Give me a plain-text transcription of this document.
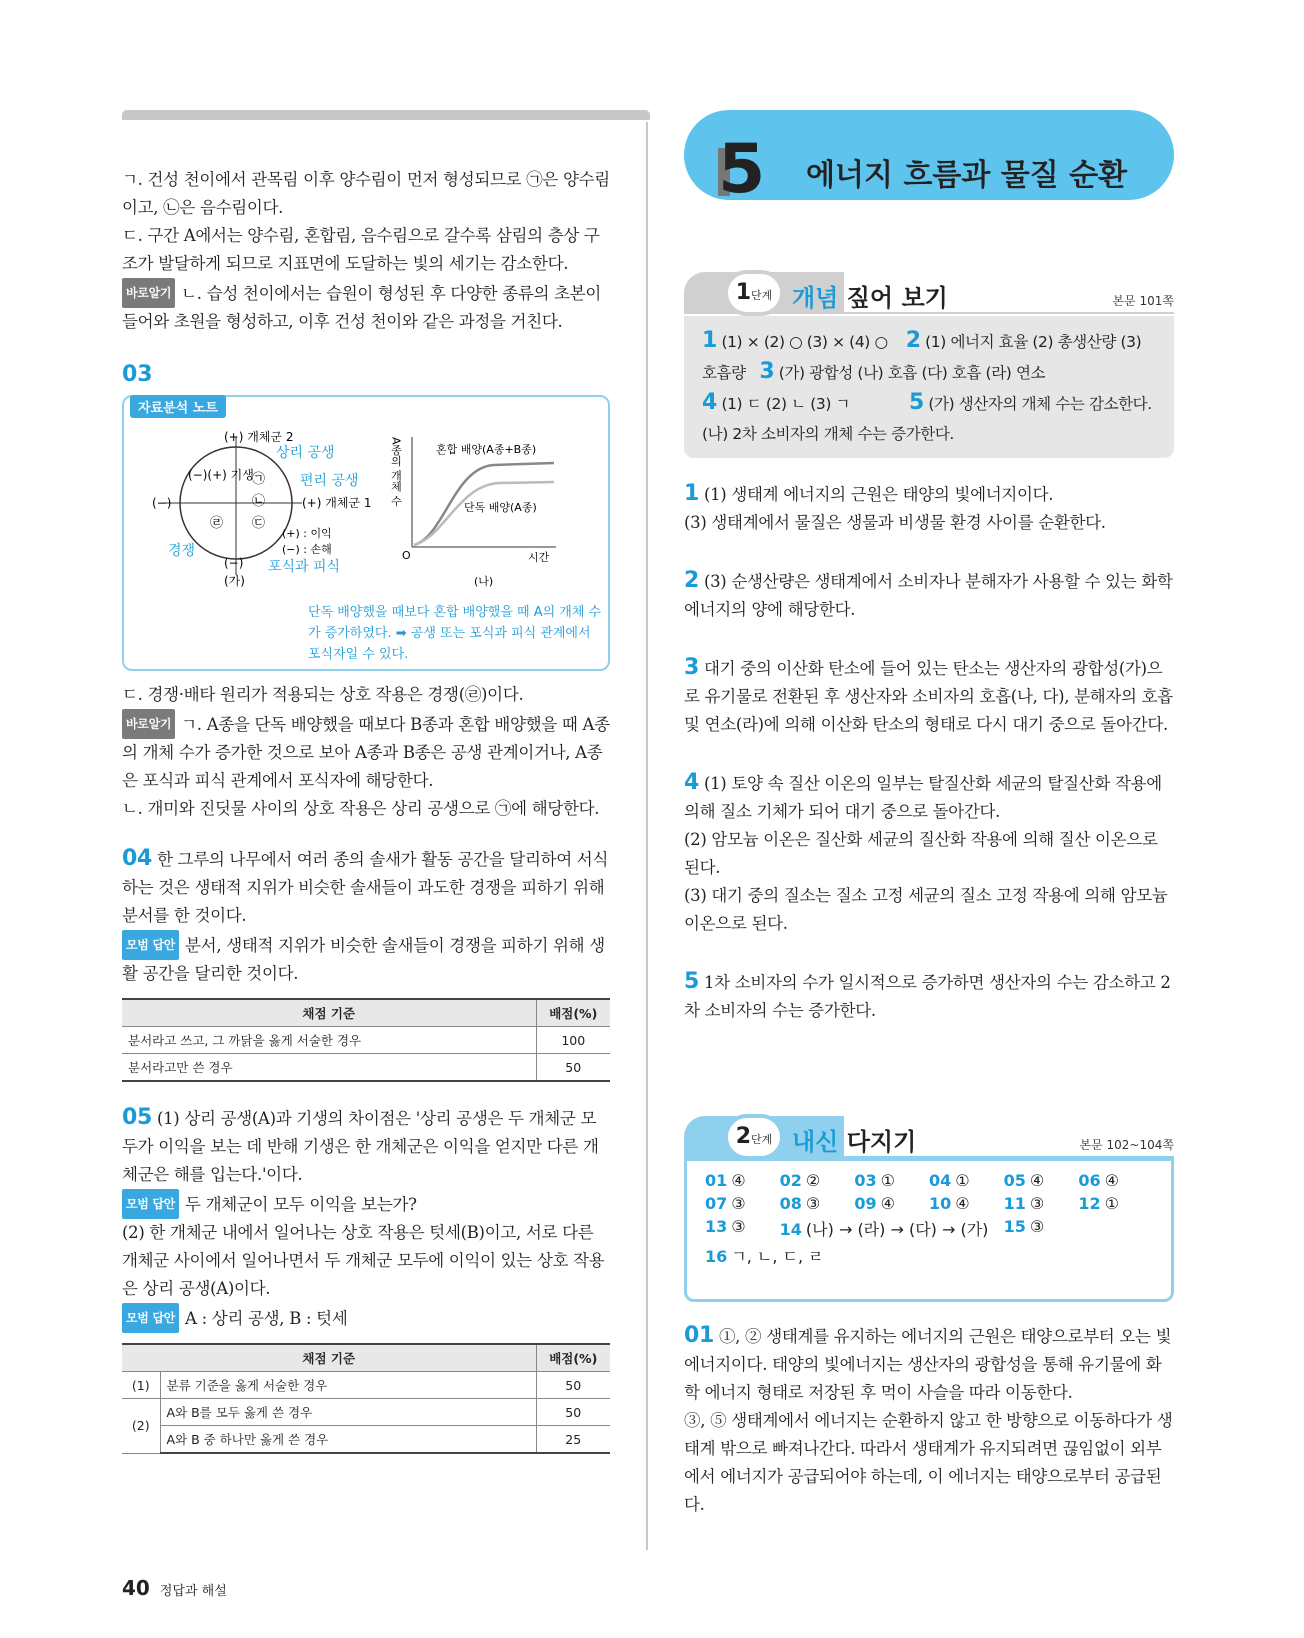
ㄱ. 건성 천이에서 관목림 이후 양수림이 먼저 형성되므로 ㉠은 양수림이고, ㉡은 음수림이다.

ㄷ. 구간 A에서는 양수림, 혼합림, 음수림으로 갈수록 삼림의 층상 구조가 발달하게 되므로 지표면에 도달하는 빛의 세기는 감소한다.

바로알기 ㄴ. 습성 천이에서는 습원이 형성된 후 다양한 종류의 초본이 들어와 초원을 형성하고, 이후 건성 천이와 같은 과정을 거친다.

03
자료분석 노트
(+) 개체군 2
상리 공생
(−)(+) 기생	편리 공생
(−)	(+) 개체군 1
(+) : 이익
(−) : 손해
경쟁
(−) 포식과 피식
(가)
㉠
㉡
㉢
㉣
A종의 개체 수	혼합 배양(A종+B종)
단독 배양(A종)
O	시간
(나)
단독 배양했을 때보다 혼합 배양했을 때 A의 개체 수가 증가하였다. ➡ 공생 또는 포식과 피식 관계에서 포식자일 수 있다.

ㄷ. 경쟁·배타 원리가 적용되는 상호 작용은 경쟁(㉣)이다.

바로알기 ㄱ. A종을 단독 배양했을 때보다 B종과 혼합 배양했을 때 A종의 개체 수가 증가한 것으로 보아 A종과 B종은 공생 관계이거나, A종은 포식과 피식 관계에서 포식자에 해당한다.

ㄴ. 개미와 진딧물 사이의 상호 작용은 상리 공생으로 ㉠에 해당한다.

04 한 그루의 나무에서 여러 종의 솔새가 활동 공간을 달리하여 서식하는 것은 생태적 지위가 비슷한 솔새들이 과도한 경쟁을 피하기 위해 분서를 한 것이다.

모범 답안 분서, 생태적 지위가 비슷한 솔새들이 경쟁을 피하기 위해 생활 공간을 달리한 것이다.

채점 기준	배점(%)
분서라고 쓰고, 그 까닭을 옳게 서술한 경우	100
분서라고만 쓴 경우	50

05 (1) 상리 공생(A)과 기생의 차이점은 '상리 공생은 두 개체군 모두가 이익을 보는 데 반해 기생은 한 개체군은 이익을 얻지만 다른 개체군은 해를 입는다.'이다.

모범 답안 두 개체군이 모두 이익을 보는가?

(2) 한 개체군 내에서 일어나는 상호 작용은 텃세(B)이고, 서로 다른 개체군 사이에서 일어나면서 두 개체군 모두에 이익이 있는 상호 작용은 상리 공생(A)이다.

모범 답안 A : 상리 공생, B : 텃세

채점 기준		배점(%)
(1)	분류 기준을 옳게 서술한 경우	50
(2)	A와 B를 모두 옳게 쓴 경우	50
	A와 B 중 하나만 옳게 쓴 경우	25
5 에너지 흐름과 물질 순환
1단계 개념 짚어 보기	본문 101쪽
1 (1) × (2) ○ (3) × (4) ○ 2 (1) 에너지 효율 (2) 총생산량 (3) 호흡량 3 (가) 광합성 (나) 호흡 (다) 호흡 (라) 연소
4 (1) ㄷ (2) ㄴ (3) ㄱ	5 (가) 생산자의 개체 수는 감소한다. (나) 2차 소비자의 개체 수는 증가한다.

1 (1) 생태계 에너지의 근원은 태양의 빛에너지이다.

(3) 생태계에서 물질은 생물과 비생물 환경 사이를 순환한다.

2 (3) 순생산량은 생태계에서 소비자나 분해자가 사용할 수 있는 화학 에너지의 양에 해당한다.

3 대기 중의 이산화 탄소에 들어 있는 탄소는 생산자의 광합성(가)으로 유기물로 전환된 후 생산자와 소비자의 호흡(나, 다), 분해자의 호흡 및 연소(라)에 의해 이산화 탄소의 형태로 다시 대기 중으로 돌아간다.

4 (1) 토양 속 질산 이온의 일부는 탈질산화 세균의 탈질산화 작용에 의해 질소 기체가 되어 대기 중으로 돌아간다.

(2) 암모늄 이온은 질산화 세균의 질산화 작용에 의해 질산 이온으로 된다.

(3) 대기 중의 질소는 질소 고정 세균의 질소 고정 작용에 의해 암모늄 이온으로 된다.

5 1차 소비자의 수가 일시적으로 증가하면 생산자의 수는 감소하고 2차 소비자의 수는 증가한다.

2단계 내신 다지기	본문 102~104쪽
01 ④	02 ②	03 ①	04 ①	05 ④	06 ④
07 ③	08 ③	09 ④	10 ④	11 ③	12 ①
13 ③	14 (나) → (라) → (다) → (가) 15 ③
16 ㄱ, ㄴ, ㄷ, ㄹ

01 ①, ② 생태계를 유지하는 에너지의 근원은 태양으로부터 오는 빛에너지이다. 태양의 빛에너지는 생산자의 광합성을 통해 유기물에 화학 에너지 형태로 저장된 후 먹이 사슬을 따라 이동한다.

③, ⑤ 생태계에서 에너지는 순환하지 않고 한 방향으로 이동하다가 생태계 밖으로 빠져나간다. 따라서 생태계가 유지되려면 끊임없이 외부에서 에너지가 공급되어야 하는데, 이 에너지는 태양으로부터 공급된다.

40 정답과 해설
